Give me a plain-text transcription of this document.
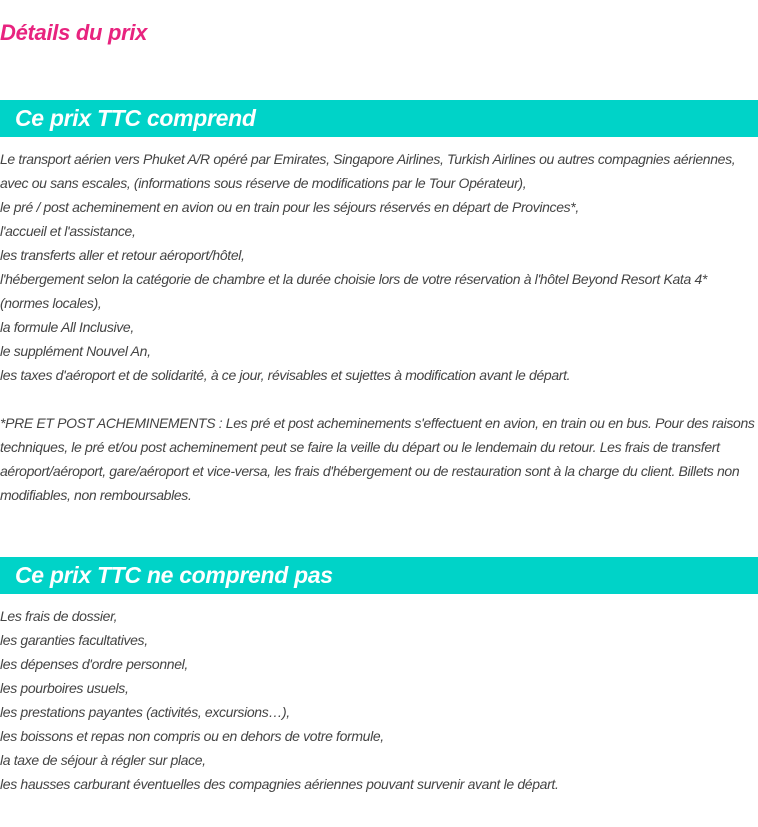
Détails du prix
Ce prix TTC comprend
Le transport aérien vers Phuket A/R opéré par Emirates, Singapore Airlines, Turkish Airlines ou autres compagnies aériennes, avec ou sans escales, (informations sous réserve de modifications par le Tour Opérateur),
le pré / post acheminement en avion ou en train pour les séjours réservés en départ de Provinces*,
l'accueil et l'assistance,
les transferts aller et retour aéroport/hôtel,
l'hébergement selon la catégorie de chambre et la durée choisie lors de votre réservation à l'hôtel Beyond Resort Kata 4* (normes locales),
la formule All Inclusive,
le supplément Nouvel An,
les taxes d'aéroport et de solidarité, à ce jour, révisables et sujettes à modification avant le départ.

*PRE ET POST ACHEMINEMENTS : Les pré et post acheminements s'effectuent en avion, en train ou en bus. Pour des raisons techniques, le pré et/ou post acheminement peut se faire la veille du départ ou le lendemain du retour. Les frais de transfert aéroport/aéroport, gare/aéroport et vice-versa, les frais d'hébergement ou de restauration sont à la charge du client. Billets non modifiables, non remboursables.

Ce prix TTC ne comprend pas
Les frais de dossier,
les garanties facultatives,
les dépenses d'ordre personnel,
les pourboires usuels,
les prestations payantes (activités, excursions…),
les boissons et repas non compris ou en dehors de votre formule,
la taxe de séjour à régler sur place,
les hausses carburant éventuelles des compagnies aériennes pouvant survenir avant le départ.
